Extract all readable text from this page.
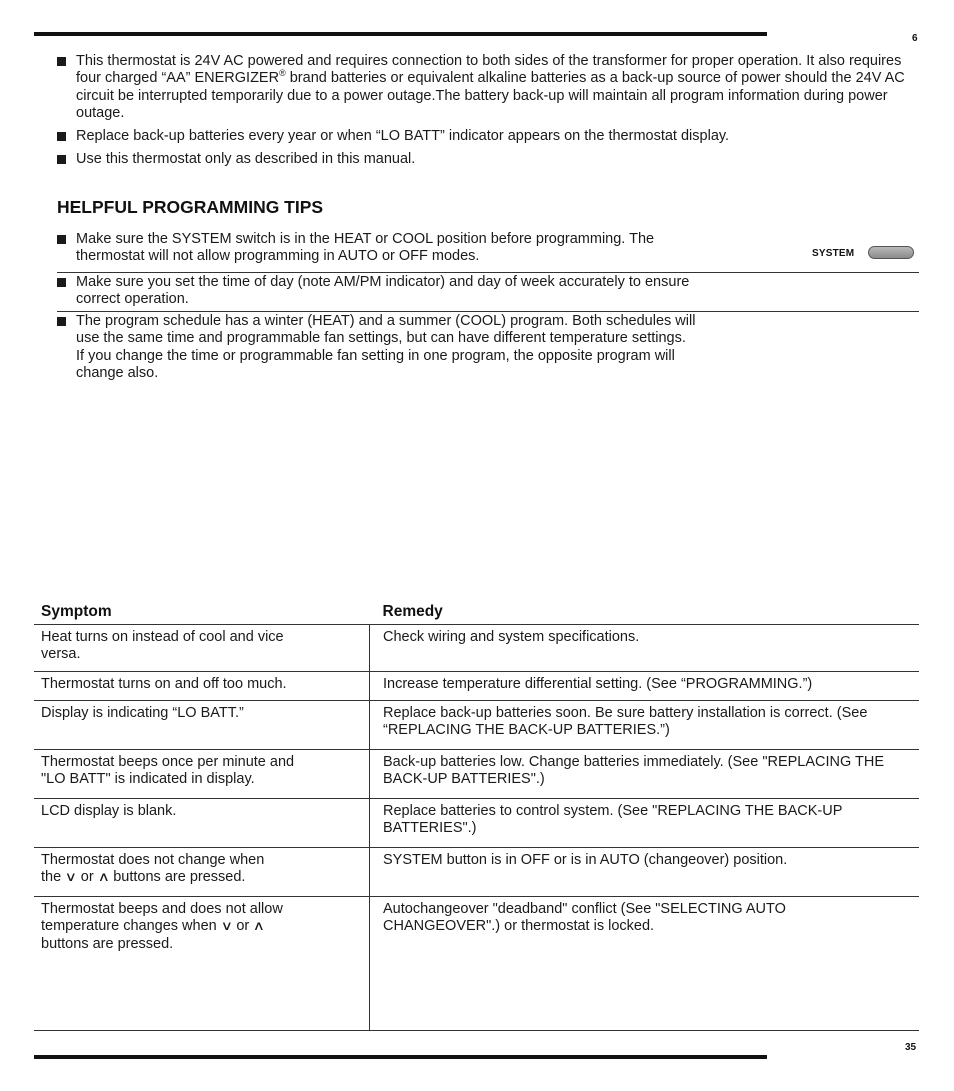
6
This thermostat is 24V AC powered and requires connection to both sides of the transformer for proper operation. It also requires four charged “AA” ENERGIZER® brand batteries or equivalent alkaline batteries as a back-up source of power should the 24V AC circuit be interrupted temporarily due to a power outage.The battery back-up will maintain all program information during power outage.
Replace back-up batteries every year or when “LO BATT” indicator appears on the thermostat display.
Use this thermostat only as described in this manual.
HELPFUL PROGRAMMING TIPS
Make sure the SYSTEM switch is in the HEAT or COOL position before programming. The thermostat will not allow programming in AUTO or OFF modes.
Make sure you set the time of day (note AM/PM indicator) and day of week accurately to ensure correct operation.
The program schedule has a winter (HEAT) and a summer (COOL) program. Both schedules will use the same time and programmable fan settings, but can have different temperature settings. If you change the time or programmable fan setting in one program, the opposite program will change also.
SYSTEM
Symptom	Remedy

Heat turns on instead of cool and vice versa.	Check wiring and system specifications.
Thermostat turns on and off too much.	Increase temperature differential setting. (See “PROGRAMMING.”)
Display is indicating “LO BATT.”	Replace back-up batteries soon. Be sure battery installation is correct. (See “REPLACING THE BACK-UP BATTERIES.”)

Thermostat beeps once per minute and "LO BATT" is indicated in display.	Back-up batteries low. Change batteries immediately. (See "REPLACING THE BACK-UP BATTERIES".)

LCD display is blank.	Replace batteries to control system. (See "REPLACING THE BACK-UP BATTERIES".)

Thermostat does not change when
the ∨ or ∧ buttons are pressed.	SYSTEM button is in OFF or is in AUTO (changeover) position.
Thermostat beeps and does not allow
temperature changes when ∨ or ∧
buttons are pressed.	Autochangeover "deadband" conflict (See "SELECTING AUTO CHANGEOVER".) or thermostat is locked.
35
